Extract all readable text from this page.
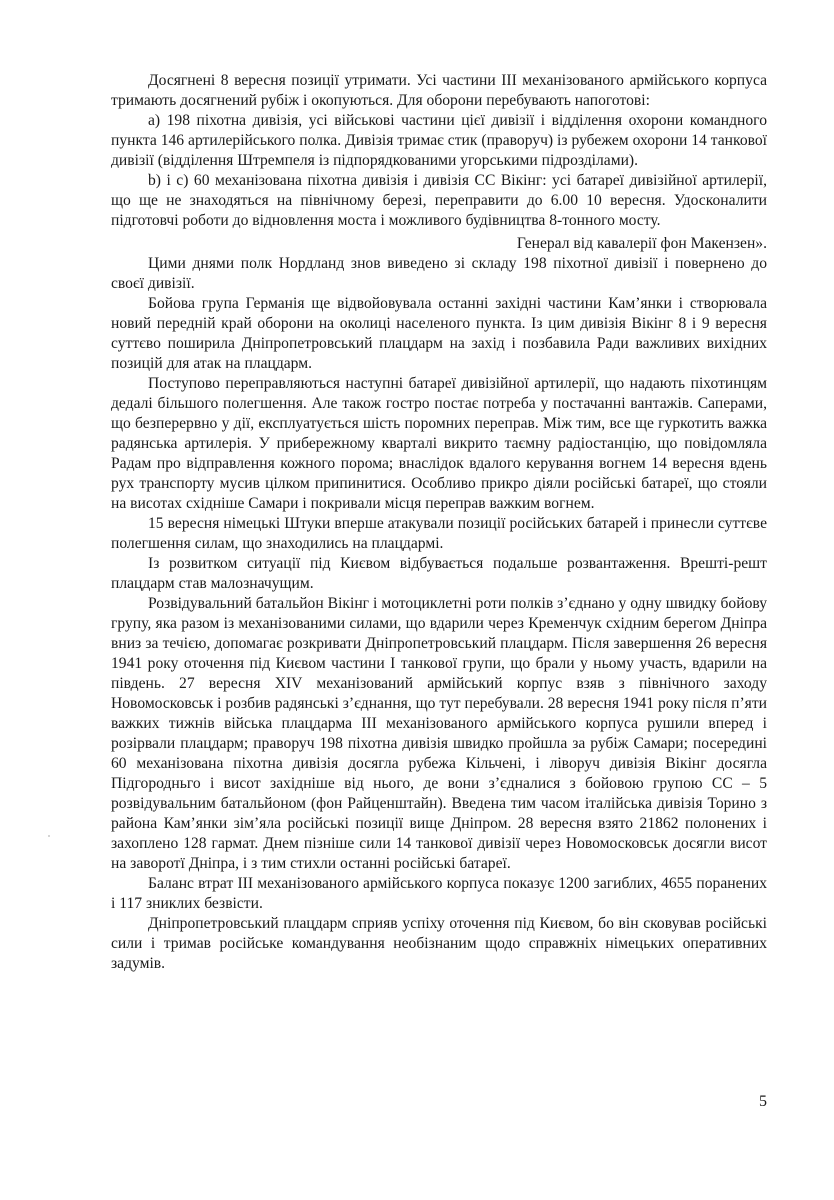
Досягнені 8 вересня позиції утримати. Усі частини III механізованого армійського корпуса тримають досягнений рубіж і окопуються. Для оборони перебувають напоготові:

а) 198 піхотна дивізія, усі військові частини цієї дивізії і відділення охорони командного пункта 146 артилерійського полка. Дивізія тримає стик (праворуч) із рубежем охорони 14 танкової дивізії (відділення Штремпеля із підпорядкованими угорськими підрозділами).

b) і с) 60 механізована піхотна дивізія і дивізія СС Вікінг: усі батареї дивізійної артилерії, що ще не знаходяться на північному березі, переправити до 6.00 10 вересня. Удосконалити підготовчі роботи до відновлення моста і можливого будівництва 8-тонного мосту.

Генерал від кавалерії фон Макензен».

Цими днями полк Нордланд знов виведено зі складу 198 піхотної дивізії і повернено до своєї дивізії.

Бойова група Германія ще відвойовувала останні західні частини Кам’янки і створювала новий передній край оборони на околиці населеного пункта. Із цим дивізія Вікінг 8 і 9 вересня суттєво поширила Дніпропетровський плацдарм на захід і позбавила Ради важливих вихідних позицій для атак на плацдарм.

Поступово переправляються наступні батареї дивізійної артилерії, що надають піхотинцям дедалі більшого полегшення. Але також гостро постає потреба у постачанні вантажів. Саперами, що безперервно у дії, експлуатується шість поромних переправ. Між тим, все ще гуркотить важка радянська артилерія. У прибережному кварталі викрито таємну радіостанцію, що повідомляла Радам про відправлення кожного порома; внаслідок вдалого керування вогнем 14 вересня вдень рух транспорту мусив цілком припинитися. Особливо прикро діяли російські батареї, що стояли на висотах східніше Самари і покривали місця переправ важким вогнем.

15 вересня німецькі Штуки вперше атакували позиції російських батарей і принесли суттєве полегшення силам, що знаходились на плацдармі.

Із розвитком ситуації під Києвом відбувається подальше розвантаження. Врешті-решт плацдарм став малозначущим.

Розвідувальний батальйон Вікінг і мотоциклетні роти полків з’єднано у одну швидку бойову групу, яка разом із механізованими силами, що вдарили через Кременчук східним берегом Дніпра вниз за течією, допомагає розкривати Дніпропетровський плацдарм. Після завершення 26 вересня 1941 року оточення під Києвом частини I танкової групи, що брали у ньому участь, вдарили на південь. 27 вересня XIV механізований армійський корпус взяв з північного заходу Новомосковськ і розбив радянські з’єднання, що тут перебували. 28 вересня 1941 року після п’яти важких тижнів війська плацдарма III механізованого армійського корпуса рушили вперед і розірвали плацдарм; праворуч 198 піхотна дивізія швидко пройшла за рубіж Самари; посередині 60 механізована піхотна дивізія досягла рубежа Кільчені, і ліворуч дивізія Вікінг досягла Підгородньго і висот західніше від нього, де вони з’єдналися з бойовою групою СС – 5 розвідувальним батальйоном (фон Райценштайн). Введена тим часом італійська дивізія Торино з района Кам’янки зім’яла російські позиції вище Дніпром. 28 вересня взято 21862 полонених і захоплено 128 гармат. Днем пізніше сили 14 танкової дивізії через Новомосковськ досягли висот на заворотї Дніпра, і з тим стихли останні російські батареї.

Баланс втрат III механізованого армійського корпуса показує 1200 загиблих, 4655 поранених і 117 зниклих безвісти.

Дніпропетровський плацдарм сприяв успіху оточення під Києвом, бо він сковував російські сили і тримав російське командування необізнаним щодо справжніх німецьких оперативних задумів.

5
